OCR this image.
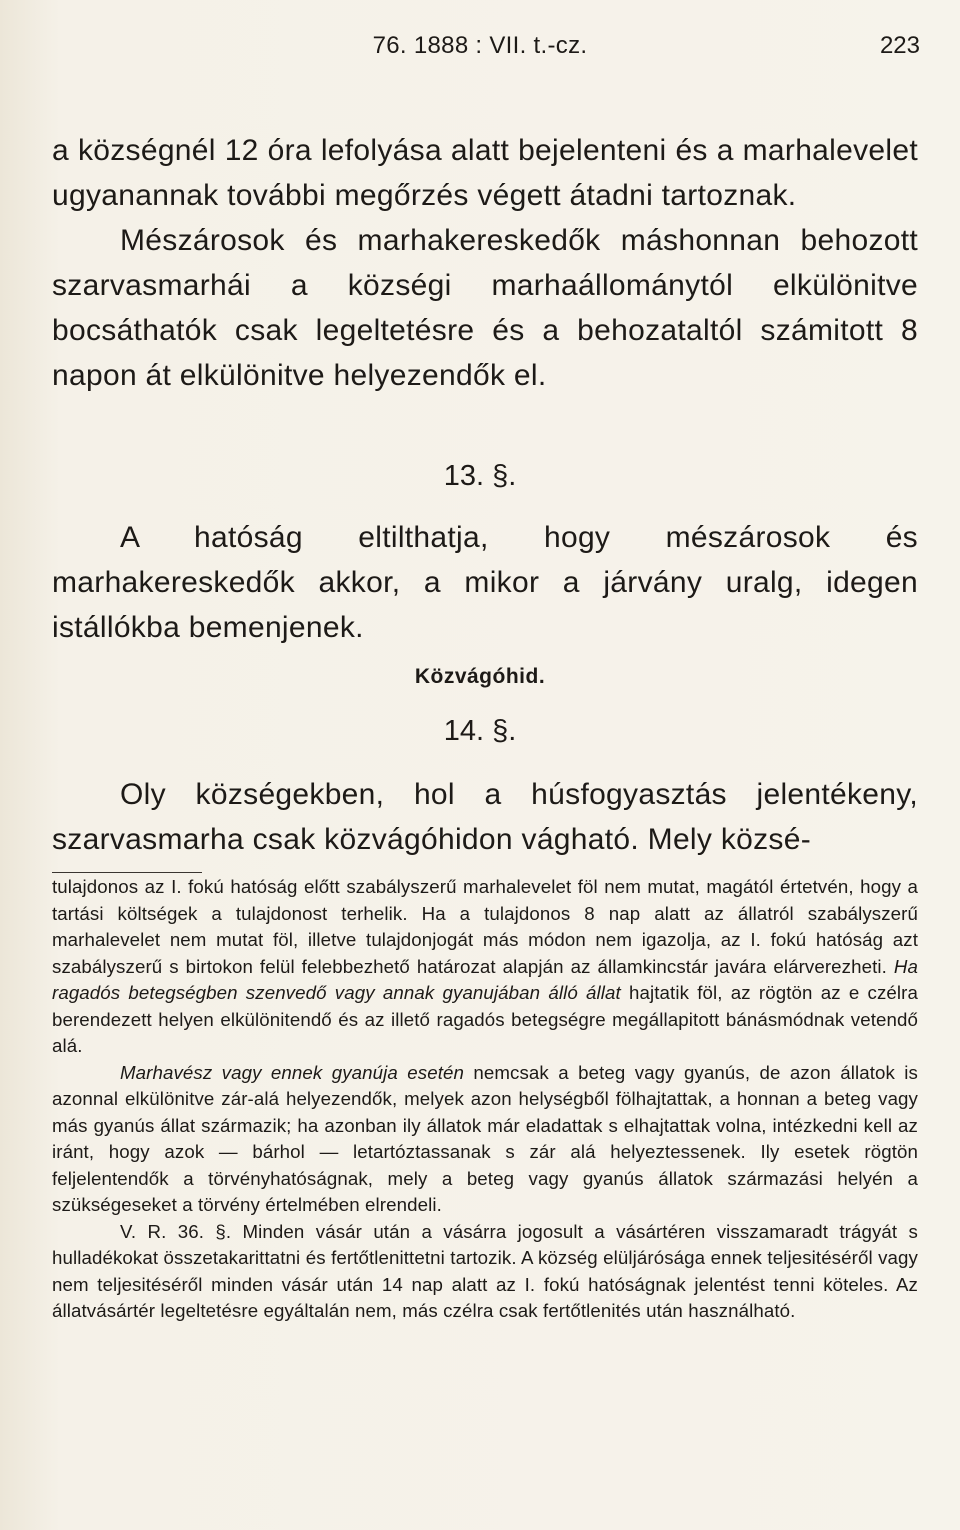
76. 1888 : VII. t.-cz.	223

a községnél 12 óra lefolyása alatt bejelenteni és a marhalevelet ugyanannak további megőrzés végett átadni tartoznak.

Mészárosok és marhakereskedők máshonnan behozott szarvasmarhái a községi marhaállománytól elkülönitve bocsáthatók csak legeltetésre és a behozataltól számitott 8 napon át elkülönitve helyezendők el.

13. §.

A hatóság eltilthatja, hogy mészárosok és marhakereskedők akkor, a mikor a járvány uralg, idegen istállókba bemenjenek.

Közvágóhid.
14. §.

Oly községekben, hol a húsfogyasztás jelentékeny, szarvasmarha csak közvágóhidon vágható. Mely közsé-

tulajdonos az I. fokú hatóság előtt szabályszerű marhalevelet föl nem mutat, magától értetvén, hogy a tartási költségek a tulajdonost terhelik. Ha a tulajdonos 8 nap alatt az állatról szabályszerű marhalevelet nem mutat föl, illetve tulajdonjogát más módon nem igazolja, az I. fokú hatóság azt szabályszerű s birtokon felül felebbezhető határozat alapján az államkincstár javára elárverezheti. Ha ragadós betegségben szenvedő vagy annak gyanujában álló állat hajtatik föl, az rögtön az e czélra berendezett helyen elkülönitendő és az illető ragadós betegségre megállapitott bánásmódnak vetendő alá.

Marhavész vagy ennek gyanúja esetén nemcsak a beteg vagy gyanús, de azon állatok is azonnal elkülönitve zár-alá helyezendők, melyek azon helységből fölhajtattak, a honnan a beteg vagy más gyanús állat származik; ha azonban ily állatok már eladattak s elhajtattak volna, intézkedni kell az iránt, hogy azok — bárhol — letartóztassanak s zár alá helyeztessenek. Ily esetek rögtön feljelentendők a törvényhatóságnak, mely a beteg vagy gyanús állatok származási helyén a szükségeseket a törvény értelmében elrendeli.

V. R. 36. §. Minden vásár után a vásárra jogosult a vásártéren visszamaradt trágyát s hulladékokat összetakarittatni és fertőtlenittetni tartozik. A község elüljárósága ennek teljesitéséről vagy nem teljesitéséről minden vásár után 14 nap alatt az I. fokú hatóságnak jelentést tenni köteles. Az állatvásártér legeltetésre egyáltalán nem, más czélra csak fertőtlenités után használható.
